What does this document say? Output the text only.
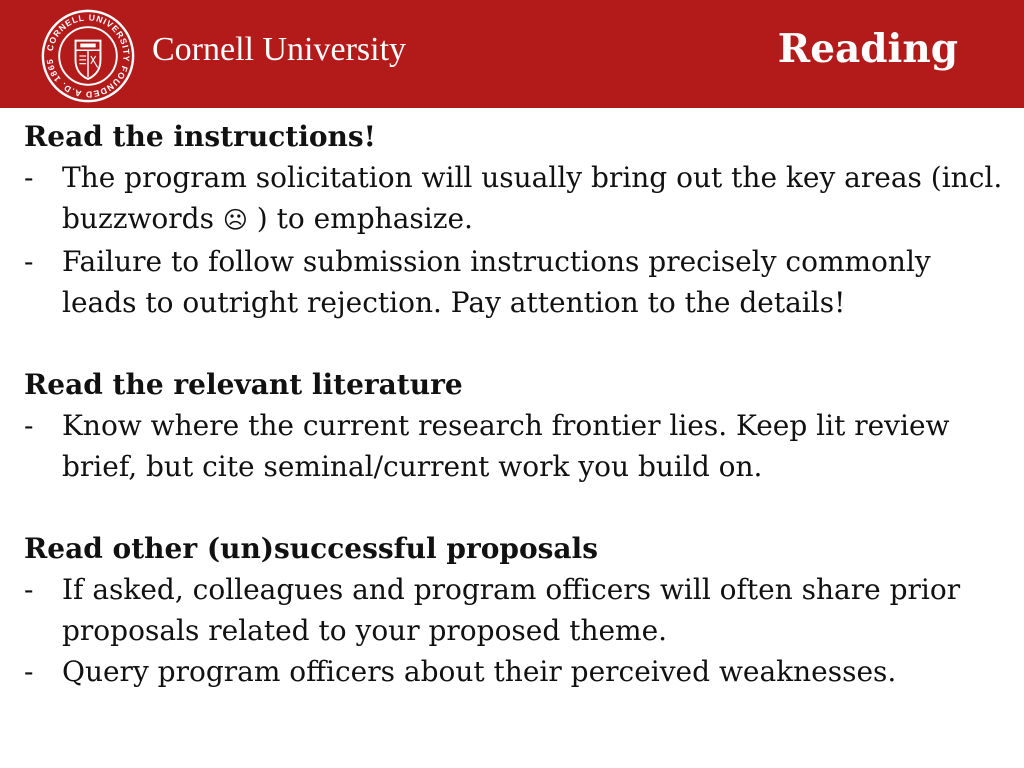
CORNELL UNIVERSITY FOUNDED A.D. 1865	Cornell University	Reading
Read the instructions!
- The program solicitation will usually bring out the key areas (incl. buzzwords ☹ ) to emphasize.
- Failure to follow submission instructions precisely commonly leads to outright rejection. Pay attention to the details!
Read the relevant literature
- Know where the current research frontier lies. Keep lit review brief, but cite seminal/current work you build on.
Read other (un)successful proposals
- If asked, colleagues and program officers will often share prior proposals related to your proposed theme.
- Query program officers about their perceived weaknesses.
